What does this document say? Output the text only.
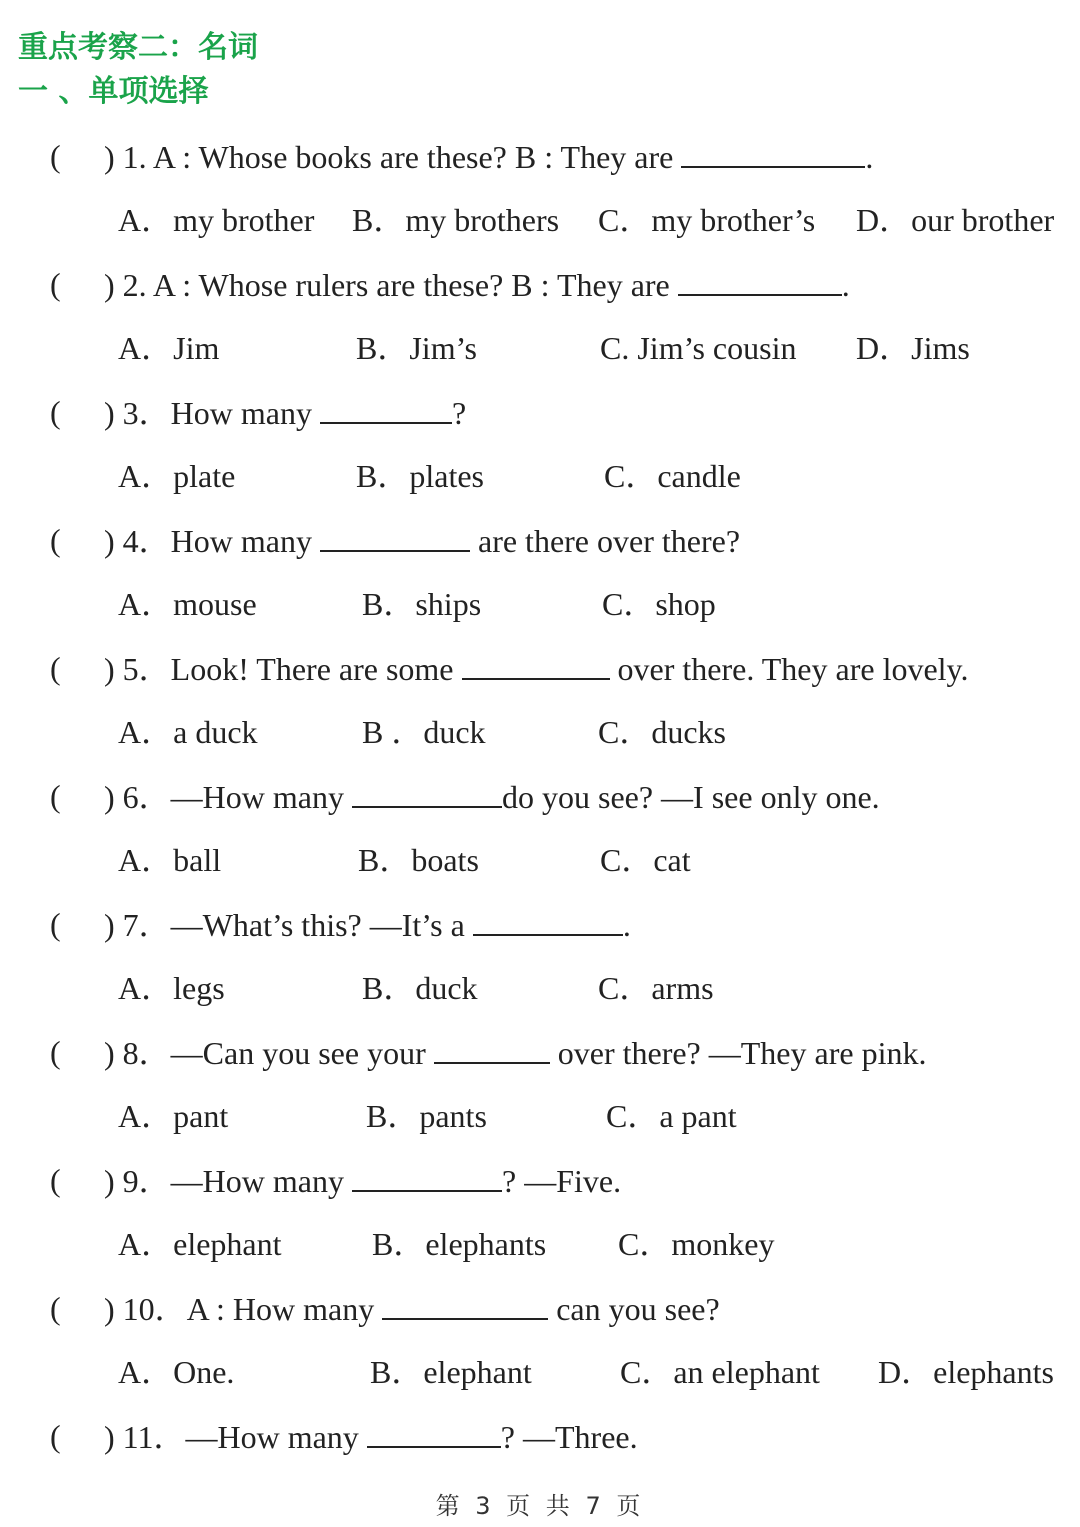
重点考察二：名词
一 、单项选择
( ) 1. A : Whose books are these? B : They are	.
A．my brother B．my brothers C．my brother’s D．our brother
( ) 2. A : Whose rulers are these? B : They are	.
A．Jim	B．Jim’s	C. Jim’s cousin D．Jims
( ) 3．How many	?
A．plate	B．plates	C．candle
( ) 4．How many	are there over there?
A．mouse	B．ships	C．shop
( ) 5．Look! There are some	over there. They are lovely.
A．a duck	B ．duck	C．ducks
( ) 6．—How many	do you see? —I see only one.
A．ball	B．boats	C．cat
( ) 7．—What’s this? —It’s a	.
A．legs	B．duck	C．arms
( ) 8．—Can you see your	over there? —They are pink.
A．pant	B．pants	C．a pant
( ) 9．—How many	? —Five.
A．elephant	B．elephants C．monkey
( ) 10．A : How many	can you see?
A．One.	B．elephant	C．an elephant D．elephants
( ) 11．—How many	? —Three.
第 3 页 共 7 页
